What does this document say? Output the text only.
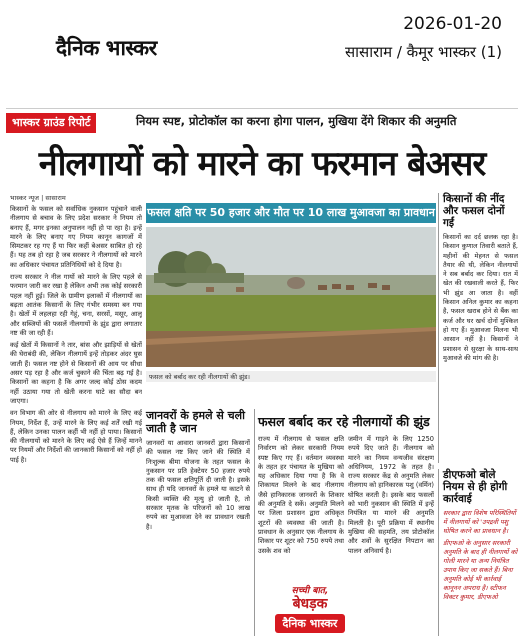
दैनिक भास्कर
2026-01-20
सासाराम / कैमूर भास्कर (1)
भास्कर ग्राउंड रिपोर्ट	नियम स्पष्ट, प्रोटोकॉल का करना होगा पालन, मुखिया देंगे शिकार की अनुमति
नीलगायों को मारने का फरमान बेअसर
भास्कर न्यूज | सासाराम

किसानों के फसल को सर्वाधिक नुकसान पहुंचाने वाली नीलगाय से बचाव के लिए प्रदेश सरकार ने नियम तो बनाए हैं, मगर इनका अनुपालन नहीं हो पा रहा है। इन्हें मारने के लिए बनाए गए नियम कानून कागजों में सिमटकर रह गए हैं या फिर कहीं बेअसर साबित हो रहे हैं। यह तब हो रहा है जब सरकार ने नीलगायों को मारने का अधिकार पंचायत प्रतिनिधियों को दे दिया है।

राज्य सरकार ने नील गायों को मारने के लिए पहले से फरमान जारी कर रखा है लेकिन अभी तक कोई सरकारी पहल नहीं हुई। जिले के ग्रामीण इलाकों में नीलगायों का बढ़ता आतंक किसानों के लिए गंभीर समस्या बन गया है। खेतों में लहलहा रही गेहूं, चना, सरसों, मसूर, आलू और सब्जियों की फसलें नीलगायों के झुंड द्वारा लगातार नष्ट की जा रही हैं।

कई खेतों में किसानों ने तार, बांस और झाड़ियों से खेतों की घेराबंदी की, लेकिन नीलगायें इन्हें तोड़कर अंदर घुस जाती हैं। फसल नष्ट होने से किसानों की आय पर सीधा असर पड़ रहा है और कर्ज चुकाने की चिंता बढ़ गई है। किसानों का कहना है कि अगर जल्द कोई ठोस कदम नहीं उठाया गया तो खेती करना घाटे का सौदा बन जाएगा।

वन विभाग की ओर से नीलगाय को मारने के लिए कई नियम, निर्देश हैं, उन्हें मारने के लिए कई शर्तें रखी गई हैं, लेकिन उनका पालन कहीं भी नहीं हो पाया। किसानों की नीलगायों को मारने के लिए कई ऐसे हैं जिन्हें मानने पर नियमों और निर्देशों की जानकारी किसानों को नहीं हो पाई है।

फसल क्षति पर 50 हजार और मौत पर 10 लाख मुआवजा का प्रावधान
फसल को बर्बाद कर रही नीलगायों की झुंड।
किसानों की नींद और फसल दोनों गईं
किसानों का दर्द छलक रहा है। किसान कुणाल तिवारी बताते हैं, महीनों की मेहनत से फसल तैयार की थी, लेकिन नीलगायों ने सब बर्बाद कर दिया। रात में खेत की रखवाली करते हैं, फिर भी झुंड आ जाता है। वहीं किसान अनिल कुमार का कहना है, फसल खराब होने से बैंक का कर्ज और घर खर्च दोनों मुश्किल हो गए हैं। मुआवजा मिलना भी आसान नहीं है। किसानों ने प्रशासन से सुरक्षा के साथ-साथ मुआवजे की मांग की है।
जानवरों के हमले से चली जाती है जान	फसल बर्बाद कर रहे नीलगायों की झुंड

जानवरों या आवारा जानवरों द्वारा किसानों की फसल नष्ट किए जाने की स्थिति में निःशुल्क बीमा योजना के तहत फसल के नुकसान पर प्रति हेक्टेयर 50 हजार रुपये तक की फसल क्षतिपूर्ति दी जाती है। इसके साथ ही यदि जानवरों के हमले या काटने से किसी व्यक्ति की मृत्यु हो जाती है, तो सरकार मृतक के परिजनों को 10 लाख रुपये का मुआवजा देने का प्रावधान रखती है।

राज्य में नीलगाय से फसल क्षति निर्वारण को लेकर सरकारी नियम स्पष्ट किए गए हैं। वर्तमान व्यवस्था के तहत हर पंचायत के मुखिया को यह अधिकार दिया गया है कि वे शिकायत मिलने के बाद नीलगाय जैसे हानिकारक जानवरों के शिकार की अनुमति दे सकें। अनुमति मिलने पर जिला प्रशासन द्वारा अधिकृत शूटरों की व्यवस्था की जाती है। प्रावधान के अनुसार एक नीलगाय के शिकार पर शूटर को 750 रुपये तथा उसके शव को

जमीन में गाड़ने के लिए 1250 रुपये दिए जाते हैं। नीलगाय को मारने का नियम वन्यजीव संरक्षण अधिनियम, 1972 के तहत है। राज्य सरकार केंद्र से अनुमति लेकर नीलगाय को हानिकारक पशु (वर्मिन) घोषित करती है। इसके बाद फसलों को भारी नुकसान की स्थिति में इन्हें नियंत्रित या मारने की अनुमति मिलती है। पूरी प्रक्रिया में स्थानीय मुखिया की सहमति, तय प्रोटोकॉल और शवों के सुरक्षित निपटान का पालन अनिवार्य है।

डीएफओ बोले नियम से ही होगी कार्रवाई

सरकार द्वारा विशेष परिस्थितियों में नीलगायों को 'उपद्रवी पशु घोषित करने का प्रावधान है।

डीएफओ के अनुसार सरकारी अनुमति के बाद ही नीलगायों को गोली मारने या अन्य नियंत्रित उपाय किए जा सकते हैं। बिना अनुमति कोई भी कार्रवाई कानूनन अपराध है। स्टीफन विक्टर कुमार, डीएफओ

सच्ची बात,
बेधड़क
दैनिक भास्कर
